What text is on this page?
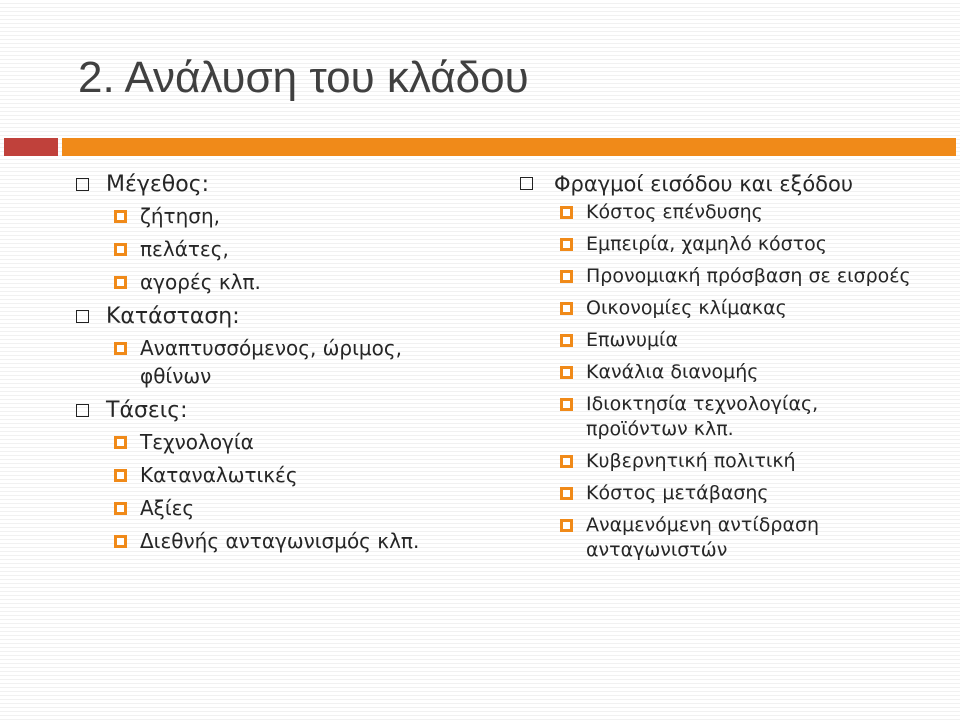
2. Ανάλυση του κλάδου
Μέγεθος:
ζήτηση,
πελάτες,
αγορές κλπ.
Κατάσταση:
Αναπτυσσόμενος, ώριμος, φθίνων
Τάσεις:
Τεχνολογία
Καταναλωτικές
Αξίες
Διεθνής ανταγωνισμός κλπ.
Φραγμοί εισόδου και εξόδου
Κόστος επένδυσης
Εμπειρία, χαμηλό κόστος
Προνομιακή πρόσβαση σε εισροές
Οικονομίες κλίμακας
Επωνυμία
Κανάλια διανομής
Ιδιοκτησία τεχνολογίας, προϊόντων κλπ.
Κυβερνητική πολιτική
Κόστος μετάβασης
Αναμενόμενη αντίδραση ανταγωνιστών
